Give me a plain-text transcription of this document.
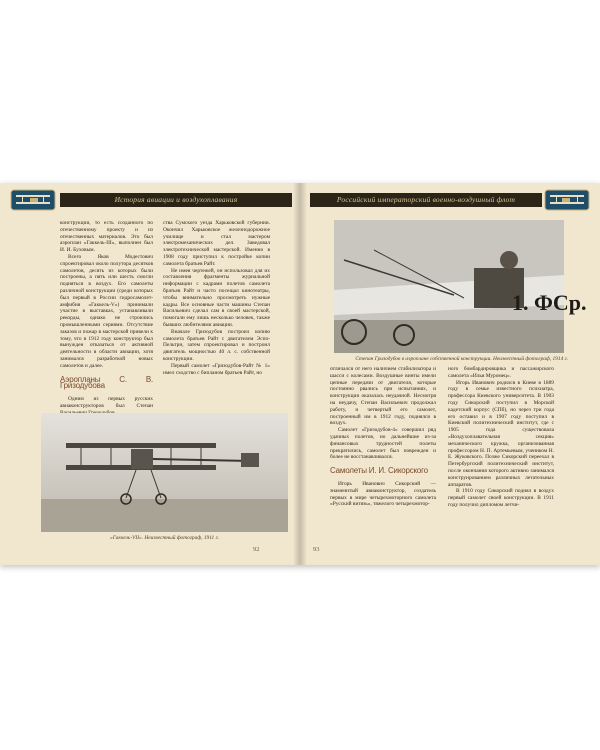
История авиации и воздухоплавания	Российский императорский военно-воздушный флот

конструкции, то есть созданного по отечественному проекту и из отечественных материалов. Это был аэроплан «Гаккель-III», выполнен был И. И. Буховым.

Всего Яков Модестович спроектировал около полутора десятков самолетов, десять из которых были построены, а пять или шесть смогли подняться в воздух. Его самолеты различной конструкции (среди которых был первый в России гидросамолет-амфибия «Гаккель-V») принимали участие в выставках, устанавливали рекорды, однако не строились промышленными сериями. Отсутствие заказов и пожар в мастерской привели к тому, что в 1912 году конструктор был вынужден отказаться от активной деятельности в области авиации, хотя занимался разработкой новых самолетов и далее.

Аэропланы С. В. Гризодубова

Одним из первых русских авиаконструкторов был Степан

ства Сумского уезда Харьковской губернии. Окончил Харьковское железнодорожное училище и стал мастером электромеханических дел. Заведовал электротехнической мастерской. Именно в 1908 году приступил к постройке копии самолета братьев Райт.

Не имея чертежей, он использовал для их составления фрагменты журнальной информации с кадрами полетов самолета братьев Райт и часто посещал кинотеатры, чтобы внимательно просмотреть нужные кадры. Все основные части машины Степан Васильевич сделал сам в своей мастерской, помогали ему лишь несколько человек, также бывших любителями авиации.

Вначале Гризодубов построил копию самолета братьев Райт с двигателем Эспо-Пельтри, затем спроектировал и построил двигатель мощностью 40 л. с. собственной конструкции.

Первый самолет «Гризодубов-Райт № 1» имел сходство с бипланом братьев Райт, но

«Гаккель-VII». Неизвестный фотограф, 1911 г.
92
1. ФСр.
Степан Гризодубов в аэроплане собственной конструкции. Неизвестный фотограф, 1914 г.

отличался от него наличием стабилизатора и шасси с колесами. Воздушные винты имели цепные передачи от двигателя, которые постоянно рвались при испытаниях, и конструкция оказалась неудачной. Несмотря на неудачу, Степан Васильевич продолжал работу, и четвертый его самолет, построенный им в 1912 году, поднялся в воздух.

Самолет «Гризодубов-4» совершил ряд удачных полетов, но дальнейшие из-за финансовых трудностей полеты прекратились, самолет был поврежден и более не восстанавливался.

Самолеты И. И. Сикорского

Игорь Иванович Сикорский — знаменитый авиаконструктор, создатель первых в мире четырехмоторного самолета «Русский витязь», тяжелого четырехмотор-

ного бомбардировщика и пассажирского самолета «Илья Муромец».

Игорь Иванович родился в Киеве в 1889 году в семье известного психиатра, профессора Киевского университета. В 1903 году Сикорский поступил в Морской кадетский корпус (СПб), но через три года его оставил и в 1907 году поступил в Киевский политехнический институт, где с 1905 года существовала «Воздухоплавательная секция» механического кружка, организованная профессором Н. П. Артемьевым, учеником Н. Е. Жуковского. Позже Сикорский переехал в Петербургский политехнический институт, после окончания которого активно занимался конструированием различных летательных аппаратов.

В 1910 году Сикорский поднял в воздух первый самолет своей конструкции. В 1911 году получил дипломом летчи-

93
